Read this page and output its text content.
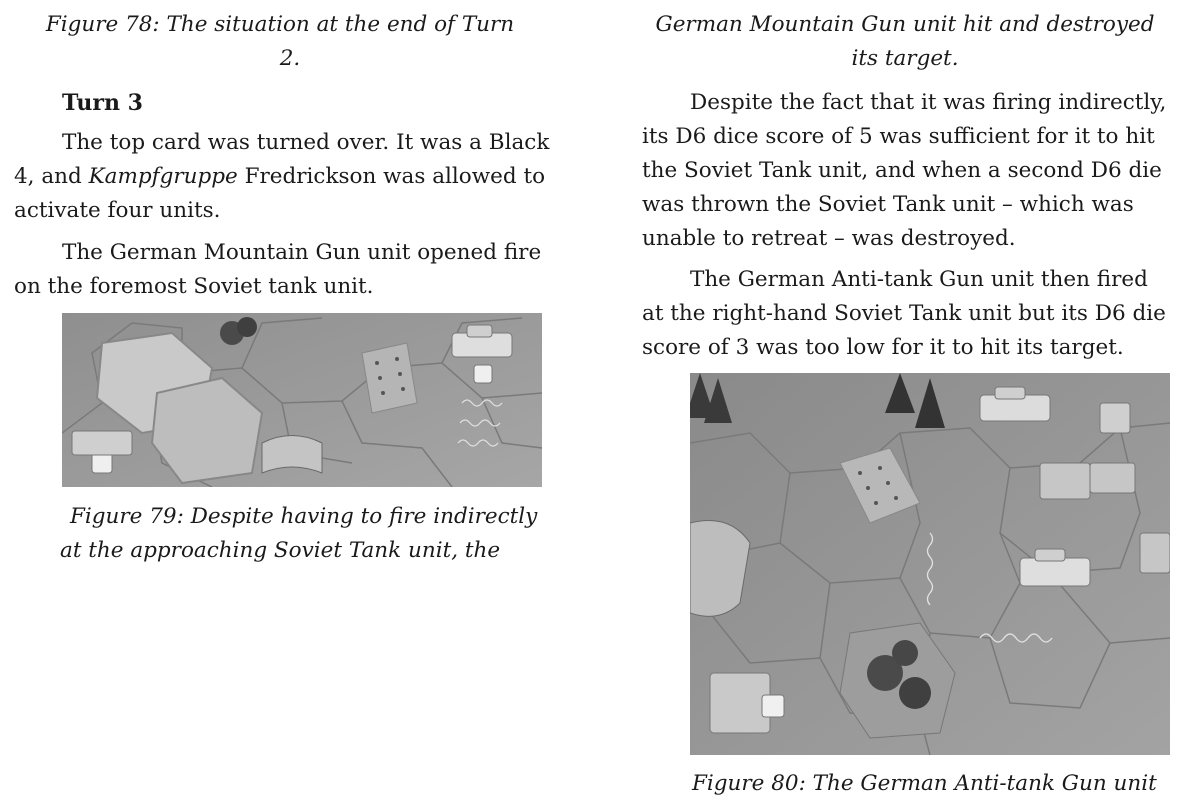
Figure 78: The situation at the end of Turn
2.
Turn 3
The top card was turned over. It was a Black
4, and Kampfgruppe Fredrickson was allowed to
activate four units.
The German Mountain Gun unit opened fire
on the foremost Soviet tank unit.
Figure 79: Despite having to fire indirectly
at the approaching Soviet Tank unit, the
German Mountain Gun unit hit and destroyed
its target.
Despite the fact that it was firing indirectly,
its D6 dice score of 5 was sufficient for it to hit
the Soviet Tank unit, and when a second D6 die
was thrown the Soviet Tank unit – which was
unable to retreat – was destroyed.
The German Anti-tank Gun unit then fired
at the right-hand Soviet Tank unit but its D6 die
score of 3 was too low for it to hit its target.
Figure 80: The German Anti-tank Gun unit
